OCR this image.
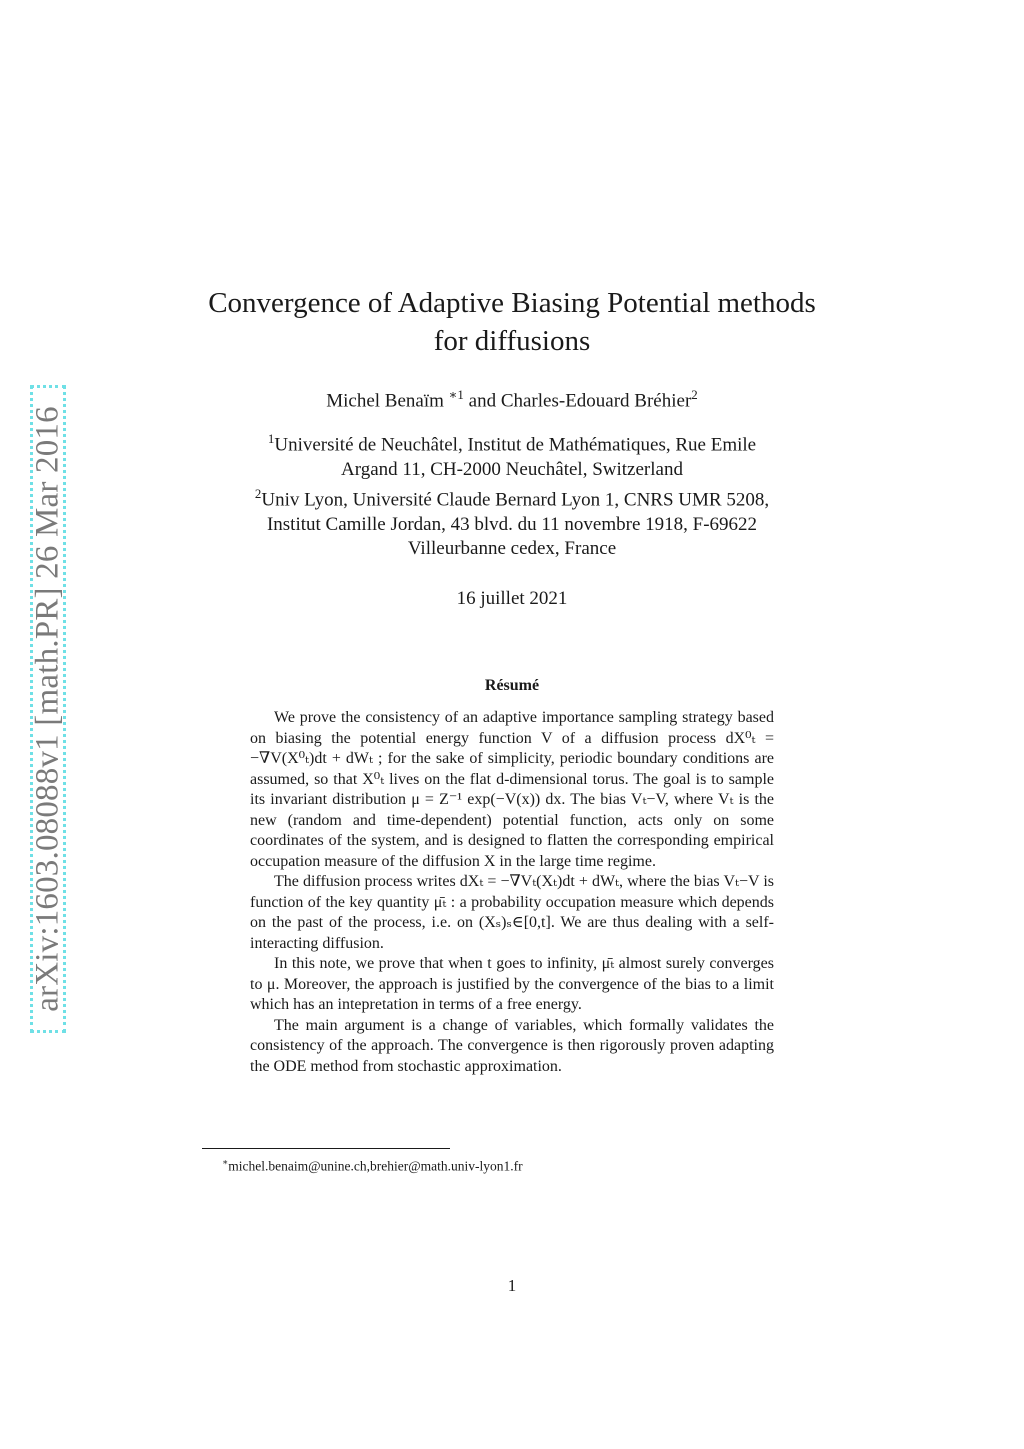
arXiv:1603.08088v1 [math.PR] 26 Mar 2016
Convergence of Adaptive Biasing Potential methods
for diffusions
Michel Benaïm $^{∗1}$ and Charles-Edouard Bréhier$^2$
$^1$Université de Neuchâtel, Institut de Mathématiques, Rue Emile
Argand 11, CH-2000 Neuchâtel, Switzerland
$^2$Univ Lyon, Université Claude Bernard Lyon 1, CNRS UMR 5208,
Institut Camille Jordan, 43 blvd. du 11 novembre 1918, F-69622
Villeurbanne cedex, France
16 juillet 2021
Résumé

We prove the consistency of an adaptive importance sampling strategy based on biasing the potential energy function V of a diffusion process dX⁰ₜ = −∇V(X⁰ₜ)dt + dWₜ ; for the sake of simplicity, periodic boundary conditions are assumed, so that X⁰ₜ lives on the flat d-dimensional torus. The goal is to sample its invariant distribution μ = Z⁻¹ exp(−V(x)) dx. The bias Vₜ−V, where Vₜ is the new (random and time-dependent) potential function, acts only on some coordinates of the system, and is designed to flatten the corresponding empirical occupation measure of the diffusion X in the large time regime.

The diffusion process writes dXₜ = −∇Vₜ(Xₜ)dt + dWₜ, where the bias Vₜ−V is function of the key quantity μ̄ₜ : a probability occupation measure which depends on the past of the process, i.e. on (Xₛ)ₛ∈[0,t]. We are thus dealing with a self-interacting diffusion.

In this note, we prove that when t goes to infinity, μ̄ₜ almost surely converges to μ. Moreover, the approach is justified by the convergence of the bias to a limit which has an intepretation in terms of a free energy.

The main argument is a change of variables, which formally validates the consistency of the approach. The convergence is then rigorously proven adapting the ODE method from stochastic approximation.

∗michel.benaim@unine.ch,brehier@math.univ-lyon1.fr
1
